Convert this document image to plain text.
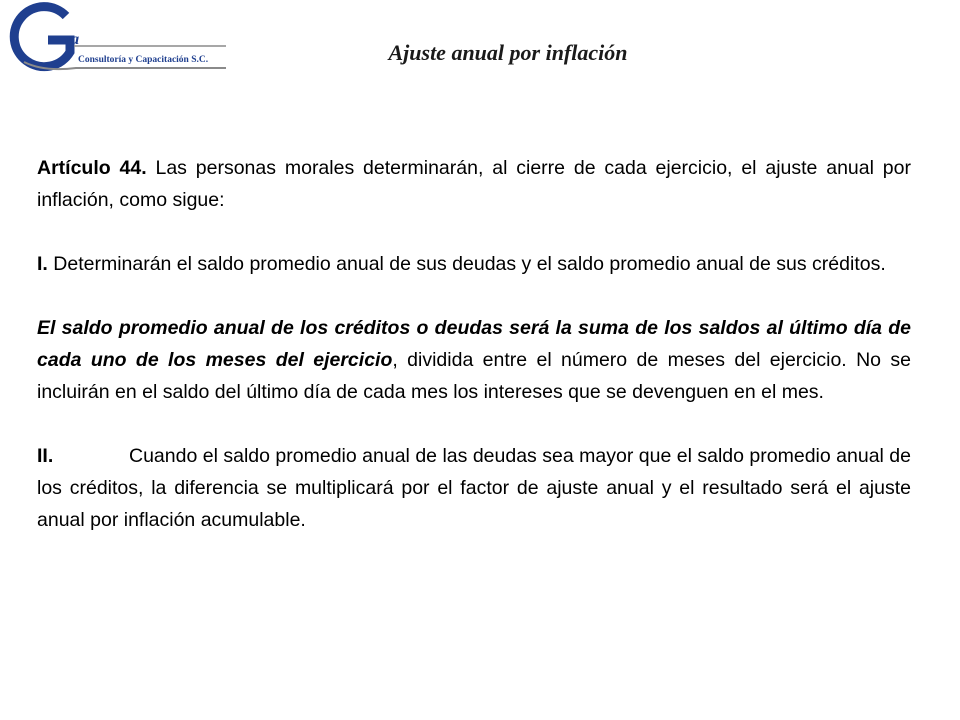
va
Consultoría y Capacitación S.C.	Ajuste anual por inflación

Artículo 44. Las personas morales determinarán, al cierre de cada ejercicio, el ajuste anual por inflación, como sigue:

I. Determinarán el saldo promedio anual de sus deudas y el saldo promedio anual de sus créditos.

El saldo promedio anual de los créditos o deudas será la suma de los saldos al último día de cada uno de los meses del ejercicio, dividida entre el número de meses del ejercicio. No se incluirán en el saldo del último día de cada mes los intereses que se devenguen en el mes.

II.	Cuando el saldo promedio anual de las deudas sea mayor que el saldo promedio anual de los créditos, la diferencia se multiplicará por el factor de ajuste anual y el resultado será el ajuste anual por inflación acumulable.
